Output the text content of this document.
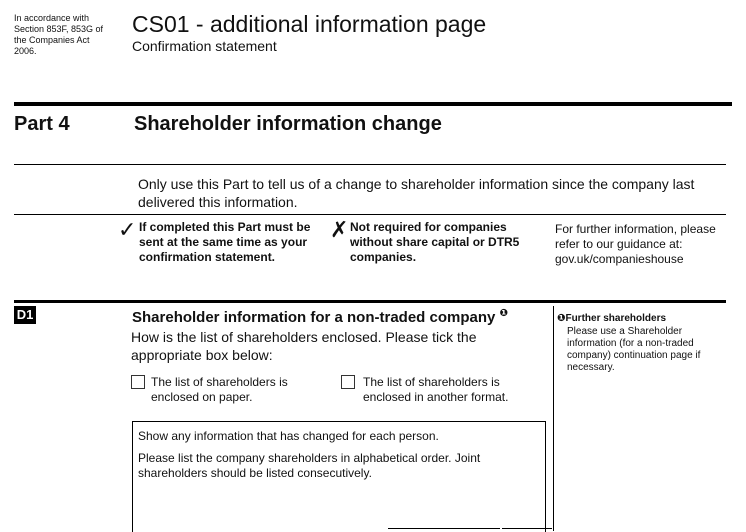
In accordance with Section 853F, 853G of the Companies Act 2006.
CS01 - additional information page
Confirmation statement
Part 4	Shareholder information change
Only use this Part to tell us of a change to shareholder information since the company last delivered this information.
✓ If completed this Part must be sent at the same time as your confirmation statement.
✗ Not required for companies without share capital or DTR5 companies.
For further information, please refer to our guidance at: gov.uk/companieshouse
D1	Shareholder information for a non-traded company $^❶$
How is the list of shareholders enclosed. Please tick the appropriate box below:
The list of shareholders is enclosed on paper.
The list of shareholders is enclosed in another format.
❶Further shareholders
Please use a Shareholder information (for a non-traded company) continuation page if necessary.
Show any information that has changed for each person.
Please list the company shareholders in alphabetical order. Joint shareholders should be listed consecutively.
